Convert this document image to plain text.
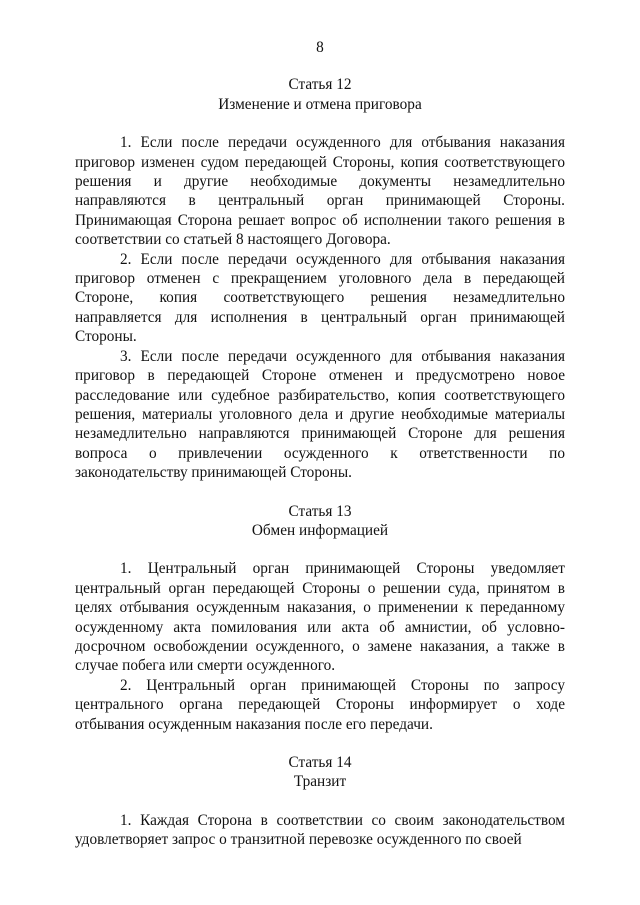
8
Статья 12
Изменение и отмена приговора

1. Если после передачи осужденного для отбывания наказания приговор изменен судом передающей Стороны, копия соответствующего решения и другие необходимые документы незамедлительно направляются в центральный орган принимающей Стороны. Принимающая Сторона решает вопрос об исполнении такого решения в соответствии со статьей 8 настоящего Договора.

2. Если после передачи осужденного для отбывания наказания приговор отменен с прекращением уголовного дела в передающей Стороне, копия соответствующего решения незамедлительно направляется для исполнения в центральный орган принимающей Стороны.

3. Если после передачи осужденного для отбывания наказания приговор в передающей Стороне отменен и предусмотрено новое расследование или судебное разбирательство, копия соответствующего решения, материалы уголовного дела и другие необходимые материалы незамедлительно направляются принимающей Стороне для решения вопроса о привлечении осужденного к ответственности по законодательству принимающей Стороны.

Статья 13
Обмен информацией

1. Центральный орган принимающей Стороны уведомляет центральный орган передающей Стороны о решении суда, принятом в целях отбывания осужденным наказания, о применении к переданному осужденному акта помилования или акта об амнистии, об условно-досрочном освобождении осужденного, о замене наказания, а также в случае побега или смерти осужденного.

2. Центральный орган принимающей Стороны по запросу центрального органа передающей Стороны информирует о ходе отбывания осужденным наказания после его передачи.

Статья 14
Транзит

1. Каждая Сторона в соответствии со своим законодательством удовлетворяет запрос о транзитной перевозке осужденного по своей
